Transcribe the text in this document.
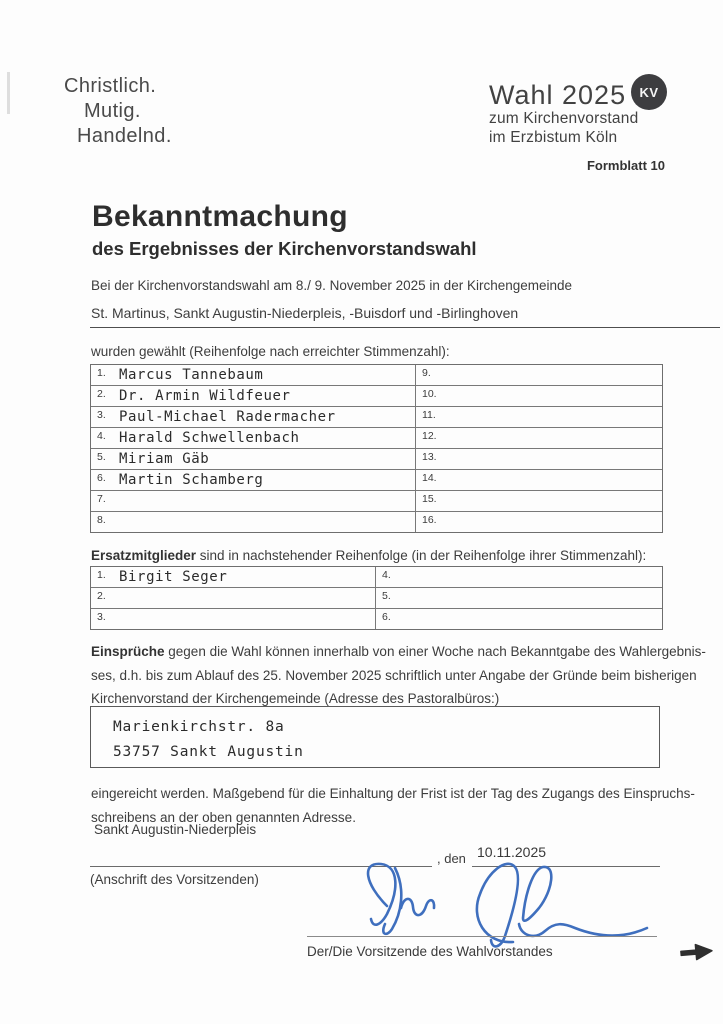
Christlich.
Mutig.
Handelnd.
Wahl 2025	KV
zum Kirchenvorstand
im Erzbistum Köln
Formblatt 10
Bekanntmachung
des Ergebnisses der Kirchenvorstandswahl
Bei der Kirchenvorstandswahl am 8./ 9. November 2025 in der Kirchengemeinde
St. Martinus, Sankt Augustin-Niederpleis, -Buisdorf und -Birlinghoven
wurden gewählt (Reihenfolge nach erreichter Stimmenzahl):
1. Marcus Tannebaum	9.
2. Dr. Armin Wildfeuer	10.
3. Paul-Michael Radermacher	11.
4. Harald Schwellenbach	12.
5. Miriam Gäb	13.
6. Martin Schamberg	14.
7.	15.
8.	16.
Ersatzmitglieder sind in nachstehender Reihenfolge (in der Reihenfolge ihrer Stimmenzahl):
1. Birgit Seger	4.
2.	5.
3.	6.
Einsprüche gegen die Wahl können innerhalb von einer Woche nach Bekanntgabe des Wahlergebnis-
ses, d.h. bis zum Ablauf des 25. November 2025 schriftlich unter Angabe der Gründe beim bisherigen
Kirchenvorstand der Kirchengemeinde (Adresse des Pastoralbüros:)
Marienkirchstr. 8a
53757 Sankt Augustin
eingereicht werden. Maßgebend für die Einhaltung der Frist ist der Tag des Zugangs des Einspruchs-
schreibens an der oben genannten Adresse.
Sankt Augustin-Niederpleis
, den 10.11.2025
(Anschrift des Vorsitzenden)
Der/Die Vorsitzende des Wahlvorstandes
